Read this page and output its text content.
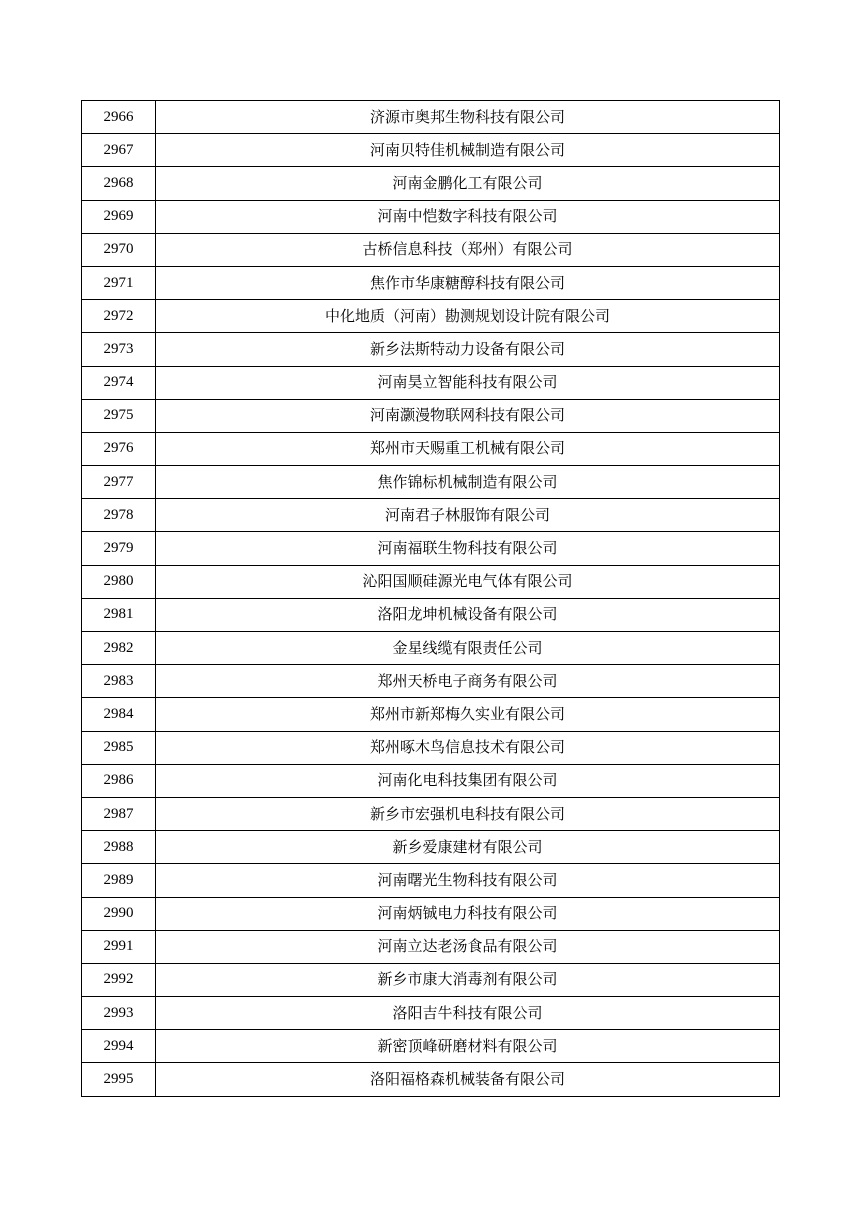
2966	济源市奥邦生物科技有限公司
2967	河南贝特佳机械制造有限公司
2968	河南金鹏化工有限公司
2969	河南中恺数字科技有限公司
2970	古桥信息科技（郑州）有限公司
2971	焦作市华康糖醇科技有限公司
2972	中化地质（河南）勘测规划设计院有限公司
2973	新乡法斯特动力设备有限公司
2974	河南昊立智能科技有限公司
2975	河南灏漫物联网科技有限公司
2976	郑州市天赐重工机械有限公司
2977	焦作锦标机械制造有限公司
2978	河南君子林服饰有限公司
2979	河南福联生物科技有限公司
2980	沁阳国顺硅源光电气体有限公司
2981	洛阳龙坤机械设备有限公司
2982	金星线缆有限责任公司
2983	郑州天桥电子商务有限公司
2984	郑州市新郑梅久实业有限公司
2985	郑州啄木鸟信息技术有限公司
2986	河南化电科技集团有限公司
2987	新乡市宏强机电科技有限公司
2988	新乡爱康建材有限公司
2989	河南曙光生物科技有限公司
2990	河南炳铖电力科技有限公司
2991	河南立达老汤食品有限公司
2992	新乡市康大消毒剂有限公司
2993	洛阳吉牛科技有限公司
2994	新密顶峰研磨材料有限公司
2995	洛阳福格森机械装备有限公司
